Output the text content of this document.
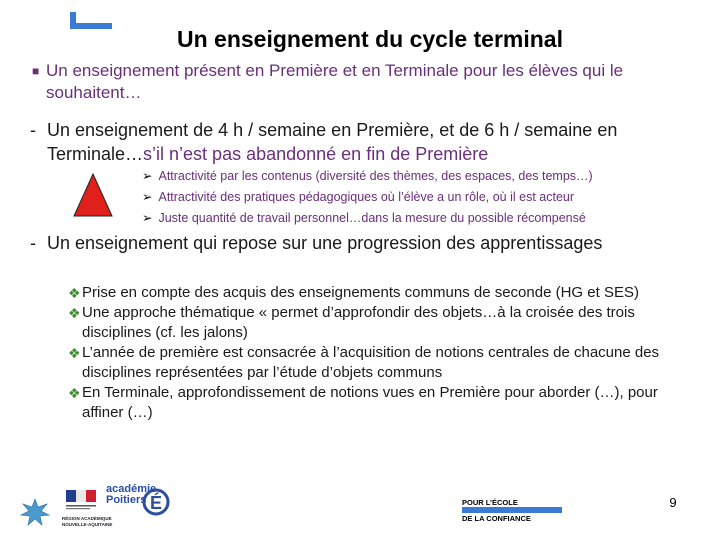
Un enseignement du cycle terminal
■ Un enseignement présent en Première et en Terminale pour les élèves qui le souhaitent…
- Un enseignement de 4 h / semaine en Première, et de 6 h / semaine en Terminale…s’il n’est pas abandonné en fin de Première
➢ Attractivité par les contenus (diversité des thèmes, des espaces, des temps…)
➢ Attractivité des pratiques pédagogiques où l’élève a un rôle, où il est acteur
➢ Juste quantité de travail personnel…dans la mesure du possible récompensé
- Un enseignement qui repose sur une progression des apprentissages
❖ Prise en compte des acquis des enseignements communs de seconde (HG et SES)
❖ Une approche thématique « permet d’approfondir des objets…à la croisée des trois disciplines (cf. les jalons)
❖ L’année de première est consacrée à l’acquisition de notions centrales de chacune des disciplines représentées par l’étude d’objets communs
❖ En Terminale, approfondissement de notions vues en Première pour aborder (…), pour affiner (…)
É
académie
Poitiers
RÉGION ACADÉMIQUE
NOUVELLE-AQUITAINE
POUR L’ÉCOLE
DE LA CONFIANCE
9
